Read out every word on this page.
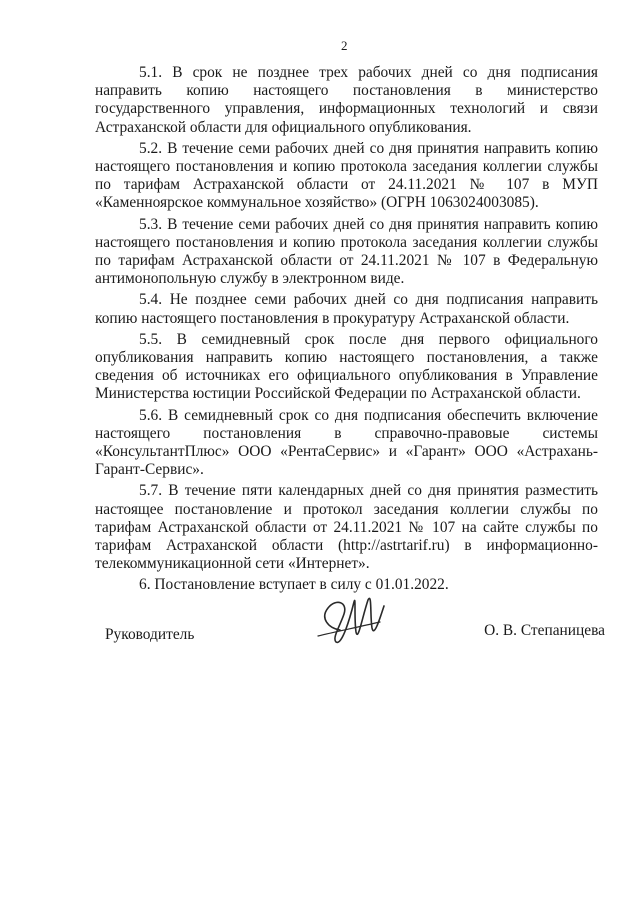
2

5.1. В срок не позднее трех рабочих дней со дня подписания направить копию настоящего постановления в министерство государственного управления, информационных технологий и связи Астраханской области для официального опубликования.

5.2. В течение семи рабочих дней со дня принятия направить копию настоящего постановления и копию протокола заседания коллегии службы по тарифам Астраханской области от 24.11.2021 № 107 в МУП «Каменноярское коммунальное хозяйство» (ОГРН 1063024003085).

5.3. В течение семи рабочих дней со дня принятия направить копию настоящего постановления и копию протокола заседания коллегии службы по тарифам Астраханской области от 24.11.2021 № 107 в Федеральную антимонопольную службу в электронном виде.

5.4. Не позднее семи рабочих дней со дня подписания направить копию настоящего постановления в прокуратуру Астраханской области.

5.5. В семидневный срок после дня первого официального опубликования направить копию настоящего постановления, а также сведения об источниках его официального опубликования в Управление Министерства юстиции Российской Федерации по Астраханской области.

5.6. В семидневный срок со дня подписания обеспечить включение настоящего постановления в справочно-правовые системы «КонсультантПлюс» ООО «РентаСервис» и «Гарант» ООО «Астрахань-Гарант-Сервис».

5.7. В течение пяти календарных дней со дня принятия разместить настоящее постановление и протокол заседания коллегии службы по тарифам Астраханской области от 24.11.2021 № 107 на сайте службы по тарифам Астраханской области (http://astrtarif.ru) в информационно-телекоммуникационной сети «Интернет».

6. Постановление вступает в силу с 01.01.2022.

Руководитель	О. В. Степаницева
